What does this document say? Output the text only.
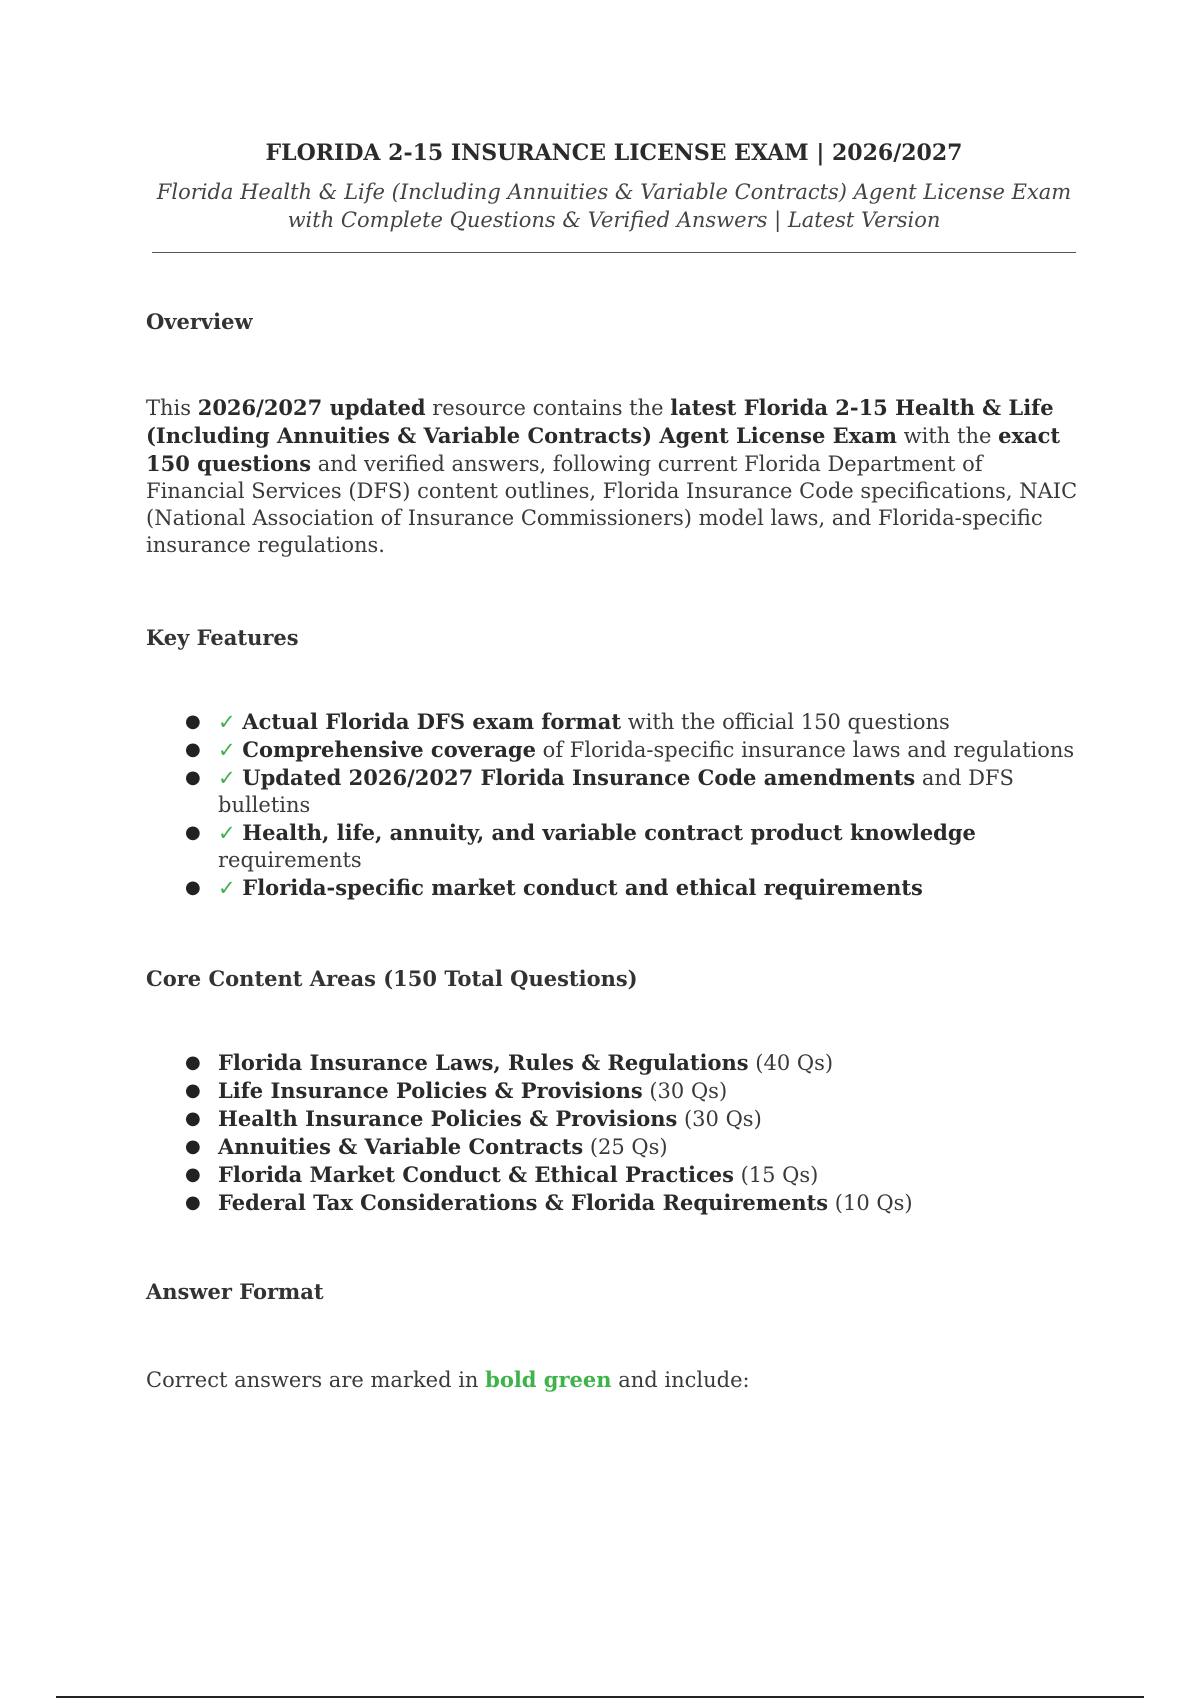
FLORIDA 2-15 INSURANCE LICENSE EXAM | 2026/2027

Florida Health & Life (Including Annuities & Variable Contracts) Agent License Exam
with Complete Questions & Verified Answers | Latest Version

Overview

This 2026/2027 updated resource contains the latest Florida 2-15 Health & Life (Including Annuities & Variable Contracts) Agent License Exam with the exact 150 questions and verified answers, following current Florida Department of Financial Services (DFS) content outlines, Florida Insurance Code specifications, NAIC (National Association of Insurance Commissioners) model laws, and Florida-specific insurance regulations.

Key Features

● ✓ Actual Florida DFS exam format with the official 150 questions
● ✓ Comprehensive coverage of Florida-specific insurance laws and regulations
● ✓ Updated 2026/2027 Florida Insurance Code amendments and DFS bulletins
● ✓ Health, life, annuity, and variable contract product knowledge requirements
● ✓ Florida-specific market conduct and ethical requirements

Core Content Areas (150 Total Questions)

● Florida Insurance Laws, Rules & Regulations (40 Qs)
● Life Insurance Policies & Provisions (30 Qs)
● Health Insurance Policies & Provisions (30 Qs)
● Annuities & Variable Contracts (25 Qs)
● Florida Market Conduct & Ethical Practices (15 Qs)
● Federal Tax Considerations & Florida Requirements (10 Qs)

Answer Format

Correct answers are marked in bold green and include:
